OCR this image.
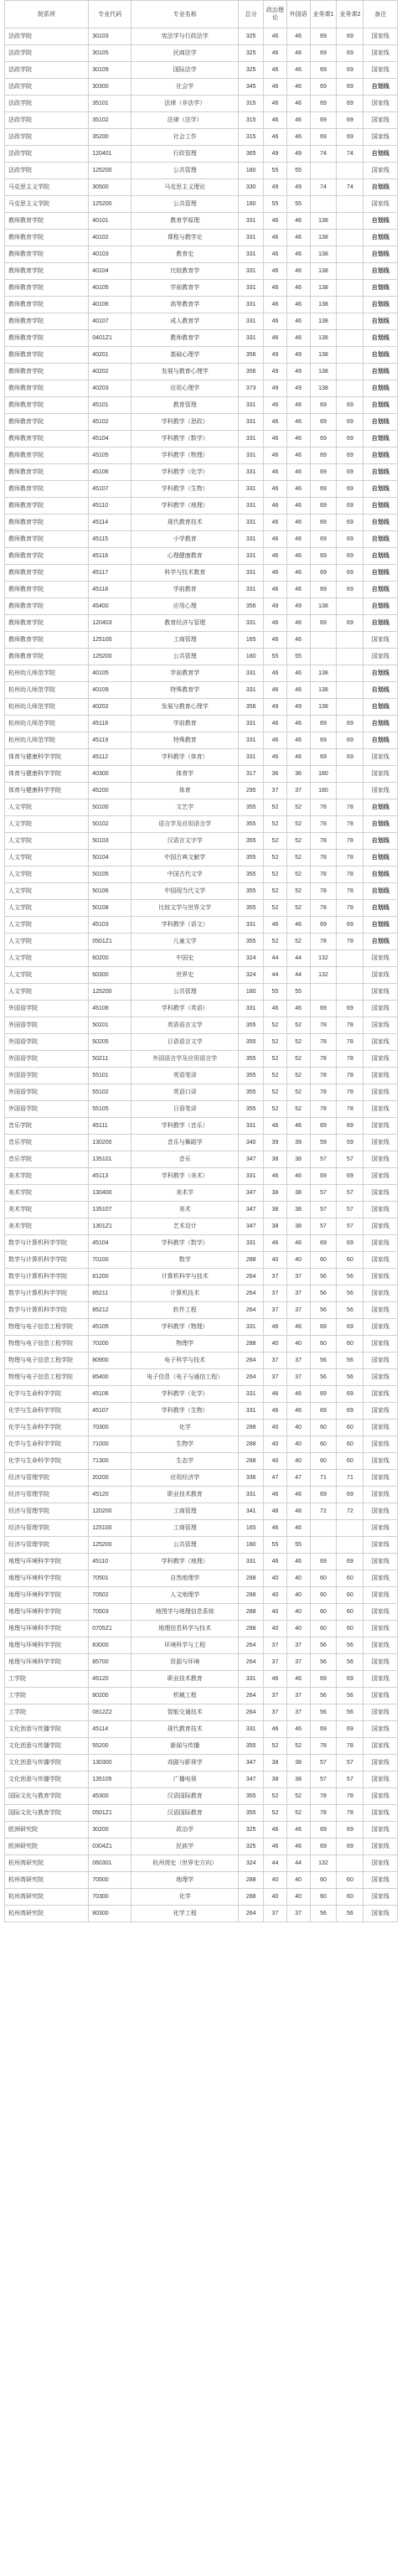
院系所	专业代码	专业名称	总分	政治理论	外国语	业务课1	业务课2	备注
法政学院	30103	宪法学与行政法学	325	46	46	69	69	国家线
法政学院	30105	民商法学	325	46	46	69	69	国家线
法政学院	30109	国际法学	325	46	46	69	69	国家线
法政学院	30300	社会学	345	46	46	69	69	自划线
法政学院	35101	法律（非法学）	315	46	46	69	69	国家线
法政学院	35102	法律（法学）	315	46	46	69	69	国家线
法政学院	35200	社会工作	315	46	46	69	69	国家线
法政学院	120401	行政管理	365	49	49	74	74	自划线
法政学院	125200	公共管理	180	55	55			国家线
马克思主义学院	30500	马克思主义理论	330	49	49	74	74	自划线
马克思主义学院	125200	公共管理	180	55	55			国家线
教师教育学院	40101	教育学原理	331	46	46	138		自划线
教师教育学院	40102	课程与教学论	331	46	46	138		自划线
教师教育学院	40103	教育史	331	46	46	138		自划线
教师教育学院	40104	比较教育学	331	46	46	138		自划线
教师教育学院	40105	学前教育学	331	46	46	138		自划线
教师教育学院	40106	高等教育学	331	46	46	138		自划线
教师教育学院	40107	成人教育学	331	46	46	138		自划线
教师教育学院	0401Z1	教师教育学	331	46	46	138		自划线
教师教育学院	40201	基础心理学	356	49	49	138		自划线
教师教育学院	40202	发展与教育心理学	356	49	49	138		自划线
教师教育学院	40203	应用心理学	373	49	49	138		自划线
教师教育学院	45101	教育管理	331	46	46	69	69	自划线
教师教育学院	45102	学科教学（思政）	331	46	46	69	69	自划线
教师教育学院	45104	学科教学（数学）	331	46	46	69	69	自划线
教师教育学院	45105	学科教学（物理）	331	46	46	69	69	自划线
教师教育学院	45106	学科教学（化学）	331	46	46	69	69	自划线
教师教育学院	45107	学科教学（生物）	331	46	46	69	69	自划线
教师教育学院	45110	学科教学（地理）	331	46	46	69	69	自划线
教师教育学院	45114	现代教育技术	331	46	46	69	69	自划线
教师教育学院	45115	小学教育	331	46	46	69	69	自划线
教师教育学院	45116	心理健康教育	331	46	46	69	69	自划线
教师教育学院	45117	科学与技术教育	331	46	46	69	69	自划线
教师教育学院	45118	学前教育	331	46	46	69	69	自划线
教师教育学院	45400	应用心理	356	49	49	138		自划线
教师教育学院	120403	教育经济与管理	331	46	46	69	69	自划线
教师教育学院	125100	工商管理	165	46	46			国家线
教师教育学院	125200	公共管理	180	55	55			国家线
杭州幼儿师范学院	40105	学前教育学	331	46	46	138		自划线
杭州幼儿师范学院	40109	特殊教育学	331	46	46	138		自划线
杭州幼儿师范学院	40202	发展与教育心理学	356	49	49	138		自划线
杭州幼儿师范学院	45118	学前教育	331	46	46	69	69	自划线
杭州幼儿师范学院	45119	特殊教育	331	46	46	69	69	自划线
体育与健康科学学院	45112	学科教学（体育）	331	46	46	69	69	国家线
体育与健康科学学院	40300	体育学	317	36	36	180		国家线
体育与健康科学学院	45200	体育	295	37	37	180		国家线
人文学院	50100	文艺学	355	52	52	78	78	自划线
人文学院	50102	语言学及应用语言学	355	52	52	78	78	自划线
人文学院	50103	汉语言文字学	355	52	52	78	78	自划线
人文学院	50104	中国古典文献学	355	52	52	78	78	自划线
人文学院	50105	中国古代文学	355	52	52	78	78	自划线
人文学院	50106	中国现当代文学	355	52	52	78	78	自划线
人文学院	50108	比较文学与世界文学	355	52	52	78	78	自划线
人文学院	45103	学科教学（语文）	331	46	46	69	69	自划线
人文学院	0501Z1	儿童文学	355	52	52	78	78	自划线
人文学院	60200	中国史	324	44	44	132		国家线
人文学院	60300	世界史	324	44	44	132		国家线
人文学院	125200	公共管理	180	55	55			国家线
外国语学院	45108	学科教学（英语）	331	46	46	69	69	国家线
外国语学院	50201	英语语言文学	355	52	52	78	78	国家线
外国语学院	50205	日语语言文学	355	52	52	78	78	国家线
外国语学院	50211	外国语言学及应用语言学	355	52	52	78	78	国家线
外国语学院	55101	英语笔译	355	52	52	78	78	国家线
外国语学院	55102	英语口译	355	52	52	78	78	国家线
外国语学院	55105	日语笔译	355	52	52	78	78	国家线
音乐学院	45111	学科教学（音乐）	331	46	46	69	69	国家线
音乐学院	130200	音乐与舞蹈学	340	39	39	59	59	国家线
音乐学院	135101	音乐	347	38	38	57	57	国家线
美术学院	45113	学科教学（美术）	331	46	46	69	69	国家线
美术学院	130400	美术学	347	38	38	57	57	国家线
美术学院	135107	美术	347	38	38	57	57	国家线
美术学院	1301Z1	艺术设计	347	38	38	57	57	国家线
数学与计算机科学学院	45104	学科教学（数学）	331	46	46	69	69	国家线
数学与计算机科学学院	70100	数学	288	40	40	60	60	国家线
数学与计算机科学学院	81200	计算机科学与技术	264	37	37	56	56	国家线
数学与计算机科学学院	85211	计算机技术	264	37	37	56	56	国家线
数学与计算机科学学院	85212	软件工程	264	37	37	56	56	国家线
物理与电子信息工程学院	45105	学科教学（物理）	331	46	46	69	69	国家线
物理与电子信息工程学院	70200	物理学	288	40	40	60	60	国家线
物理与电子信息工程学院	80900	电子科学与技术	264	37	37	56	56	国家线
物理与电子信息工程学院	85400	电子信息（电子与通信工程）	264	37	37	56	56	国家线
化学与生命科学学院	45106	学科教学（化学）	331	46	46	69	69	国家线
化学与生命科学学院	45107	学科教学（生物）	331	46	46	69	69	国家线
化学与生命科学学院	70300	化学	288	40	40	60	60	国家线
化学与生命科学学院	71000	生物学	288	40	40	60	60	国家线
化学与生命科学学院	71300	生态学	288	40	40	60	60	国家线
经济与管理学院	20200	应用经济学	336	47	47	71	71	国家线
经济与管理学院	45120	职业技术教育	331	46	46	69	69	国家线
经济与管理学院	120200	工商管理	341	48	48	72	72	国家线
经济与管理学院	125100	工商管理	165	46	46			国家线
经济与管理学院	125200	公共管理	180	55	55			国家线
地理与环境科学学院	45110	学科教学（地理）	331	46	46	69	69	国家线
地理与环境科学学院	70501	自然地理学	288	40	40	60	60	国家线
地理与环境科学学院	70502	人文地理学	288	40	40	60	60	国家线
地理与环境科学学院	70503	地图学与地理信息系统	288	40	40	60	60	国家线
地理与环境科学学院	0705Z1	地理信息科学与技术	288	40	40	60	60	国家线
地理与环境科学学院	83000	环境科学与工程	264	37	37	56	56	国家线
地理与环境科学学院	85700	资源与环境	264	37	37	56	56	国家线
工学院	45120	职业技术教育	331	46	46	69	69	国家线
工学院	80200	机械工程	264	37	37	56	56	国家线
工学院	0812Z2	智能交通技术	264	37	37	56	56	国家线
文化创意与传播学院	45114	现代教育技术	331	46	46	69	69	国家线
文化创意与传播学院	55200	新闻与传播	355	52	52	78	78	国家线
文化创意与传播学院	130300	戏剧与影视学	347	38	38	57	57	国家线
文化创意与传播学院	135105	广播电视	347	38	38	57	57	国家线
国际文化与教育学院	45300	汉语国际教育	355	52	52	78	78	国家线
国际文化与教育学院	0501Z1	汉语国际教育	355	52	52	78	78	国家线
欧洲研究院	30200	政治学	325	46	46	69	69	国家线
欧洲研究院	0304Z1	民族学	325	46	46	69	69	国家线
杭州湾研究院	060301	杭州湾史（世界史方向）	324	44	44	132		国家线
杭州湾研究院	70500	地理学	288	40	40	60	60	国家线
杭州湾研究院	70300	化学	288	40	40	60	60	国家线
杭州湾研究院	80300	化学工程	264	37	37	56	56	国家线
